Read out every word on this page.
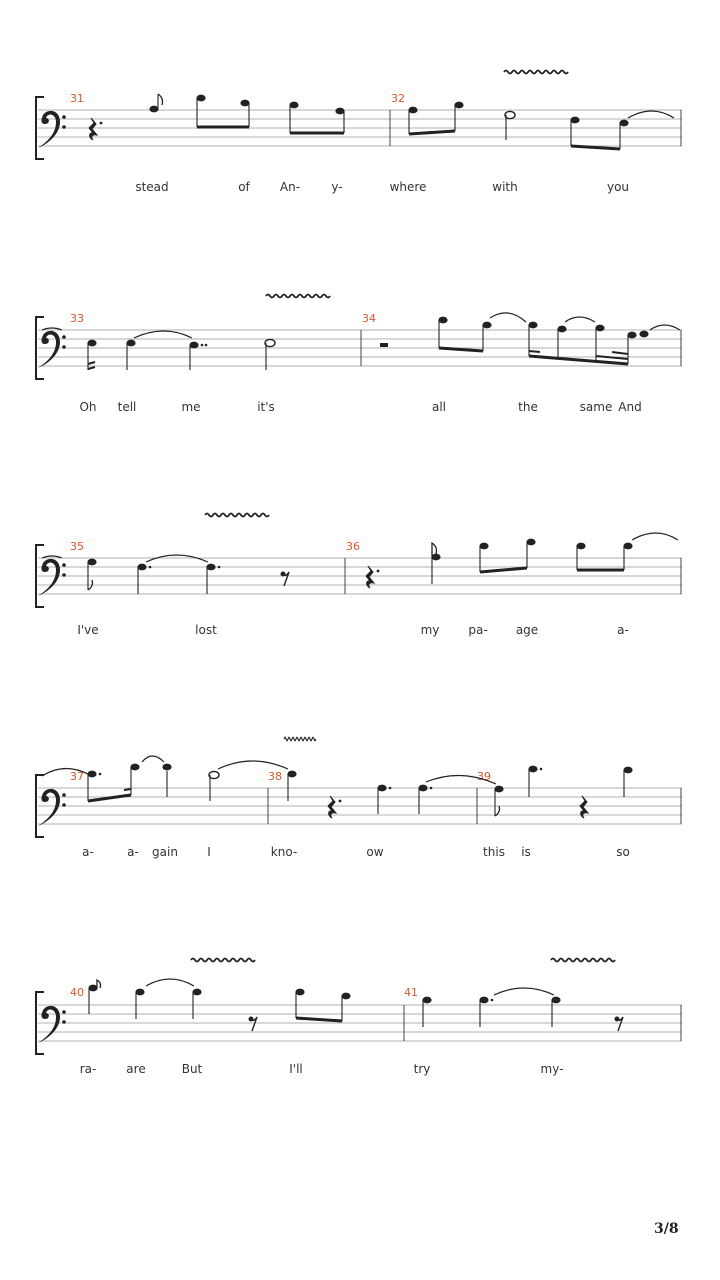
31	32
stead	of	An-	y-	where	with	you
33	34
Oh tell	me	it's	all	the	same And
35	36
I've	lost	my pa- age	a-
37	38	39
a-	a- gain I	kno-	ow	this is	so
40	41
ra- are	But	I'll	try	my-
3/8
